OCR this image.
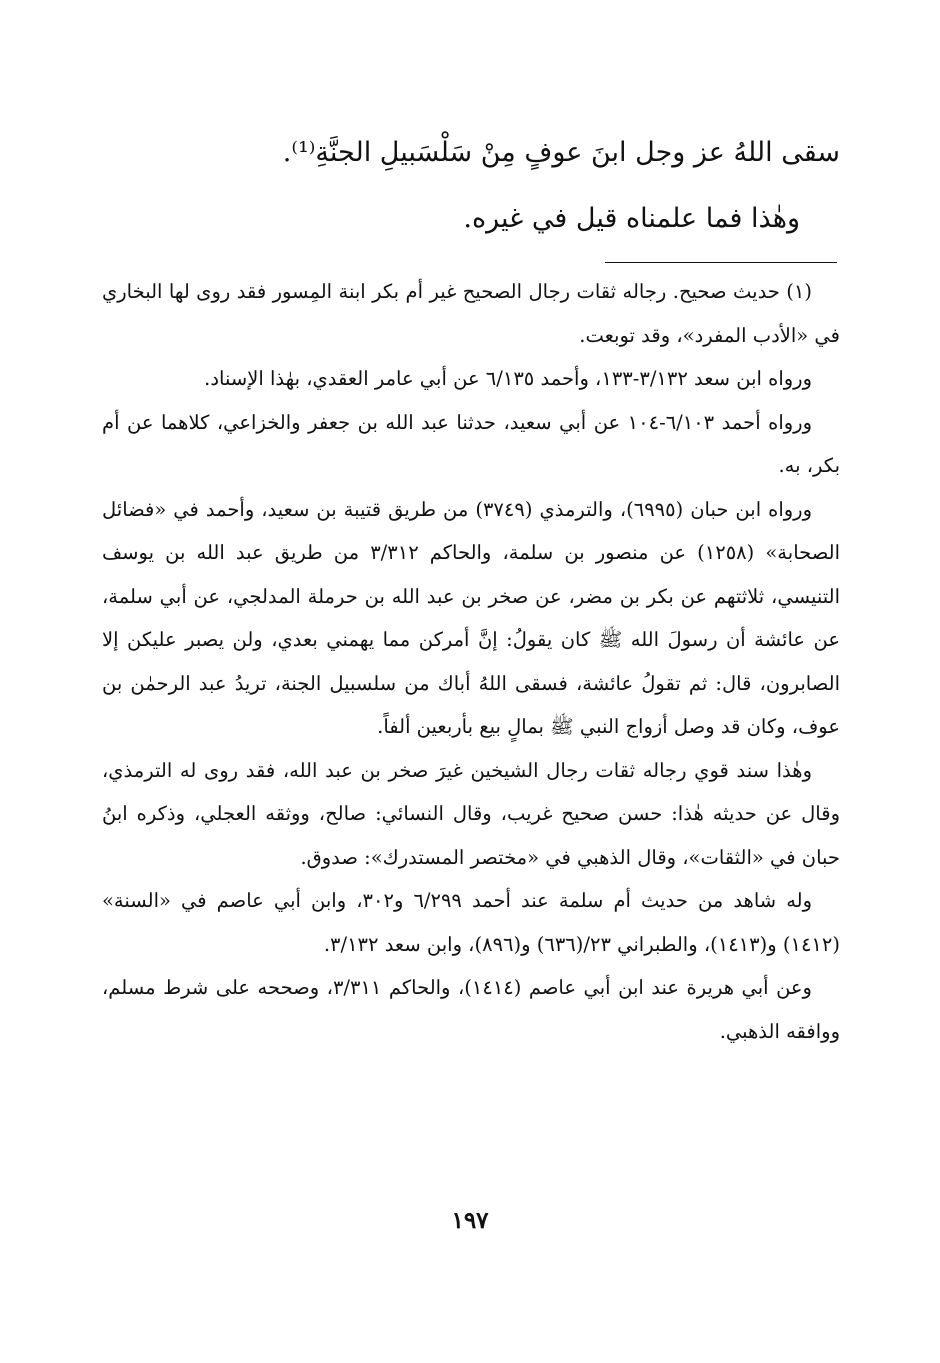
سقى اللهُ عز وجل ابنَ عوفٍ مِنْ سَلْسَبيلِ الجنَّةِ⁽¹⁾.

وهٰذا فما علمناه قيل في غيره.

(١) حديث صحيح. رجاله ثقات رجال الصحيح غير أم بكر ابنة المِسور فقد روى لها البخاري في «الأدب المفرد»، وقد توبعت.

ورواه ابن سعد ٣/١٣٢-١٣٣، وأحمد ٦/١٣٥ عن أبي عامر العقدي، بهٰذا الإسناد.

ورواه أحمد ٦/١٠٣-١٠٤ عن أبي سعيد، حدثنا عبد الله بن جعفر والخزاعي، كلاهما عن أم بكر، به.

ورواه ابن حبان (٦٩٩٥)، والترمذي (٣٧٤٩) من طريق قتيبة بن سعيد، وأحمد في «فضائل الصحابة» (١٢٥٨) عن منصور بن سلمة، والحاكم ٣/٣١٢ من طريق عبد الله بن يوسف التنيسي، ثلاثتهم عن بكر بن مضر، عن صخر بن عبد الله بن حرملة المدلجي، عن أبي سلمة، عن عائشة أن رسولَ الله ﷺ كان يقولُ: إنَّ أمركن مما يهمني بعدي، ولن يصبر عليكن إلا الصابرون، قال: ثم تقولُ عائشة، فسقى اللهُ أباك من سلسبيل الجنة، تريدُ عبد الرحمٰن بن عوف، وكان قد وصل أزواج النبي ﷺ بمالٍ بيع بأربعين ألفاً.

وهٰذا سند قوي رجاله ثقات رجال الشيخين غيرَ صخر بن عبد الله، فقد روى له الترمذي، وقال عن حديثه هٰذا: حسن صحيح غريب، وقال النسائي: صالح، ووثقه العجلي، وذكره ابنُ حبان في «الثقات»، وقال الذهبي في «مختصر المستدرك»: صدوق.

وله شاهد من حديث أم سلمة عند أحمد ٦/٢٩٩ و٣٠٢، وابن أبي عاصم في «السنة» (١٤١٢) و(١٤١٣)، والطبراني ٢٣/(٦٣٦) و(٨٩٦)، وابن سعد ٣/١٣٢.

وعن أبي هريرة عند ابن أبي عاصم (١٤١٤)، والحاكم ٣/٣١١، وصححه على شرط مسلم، ووافقه الذهبي.

١٩٧
